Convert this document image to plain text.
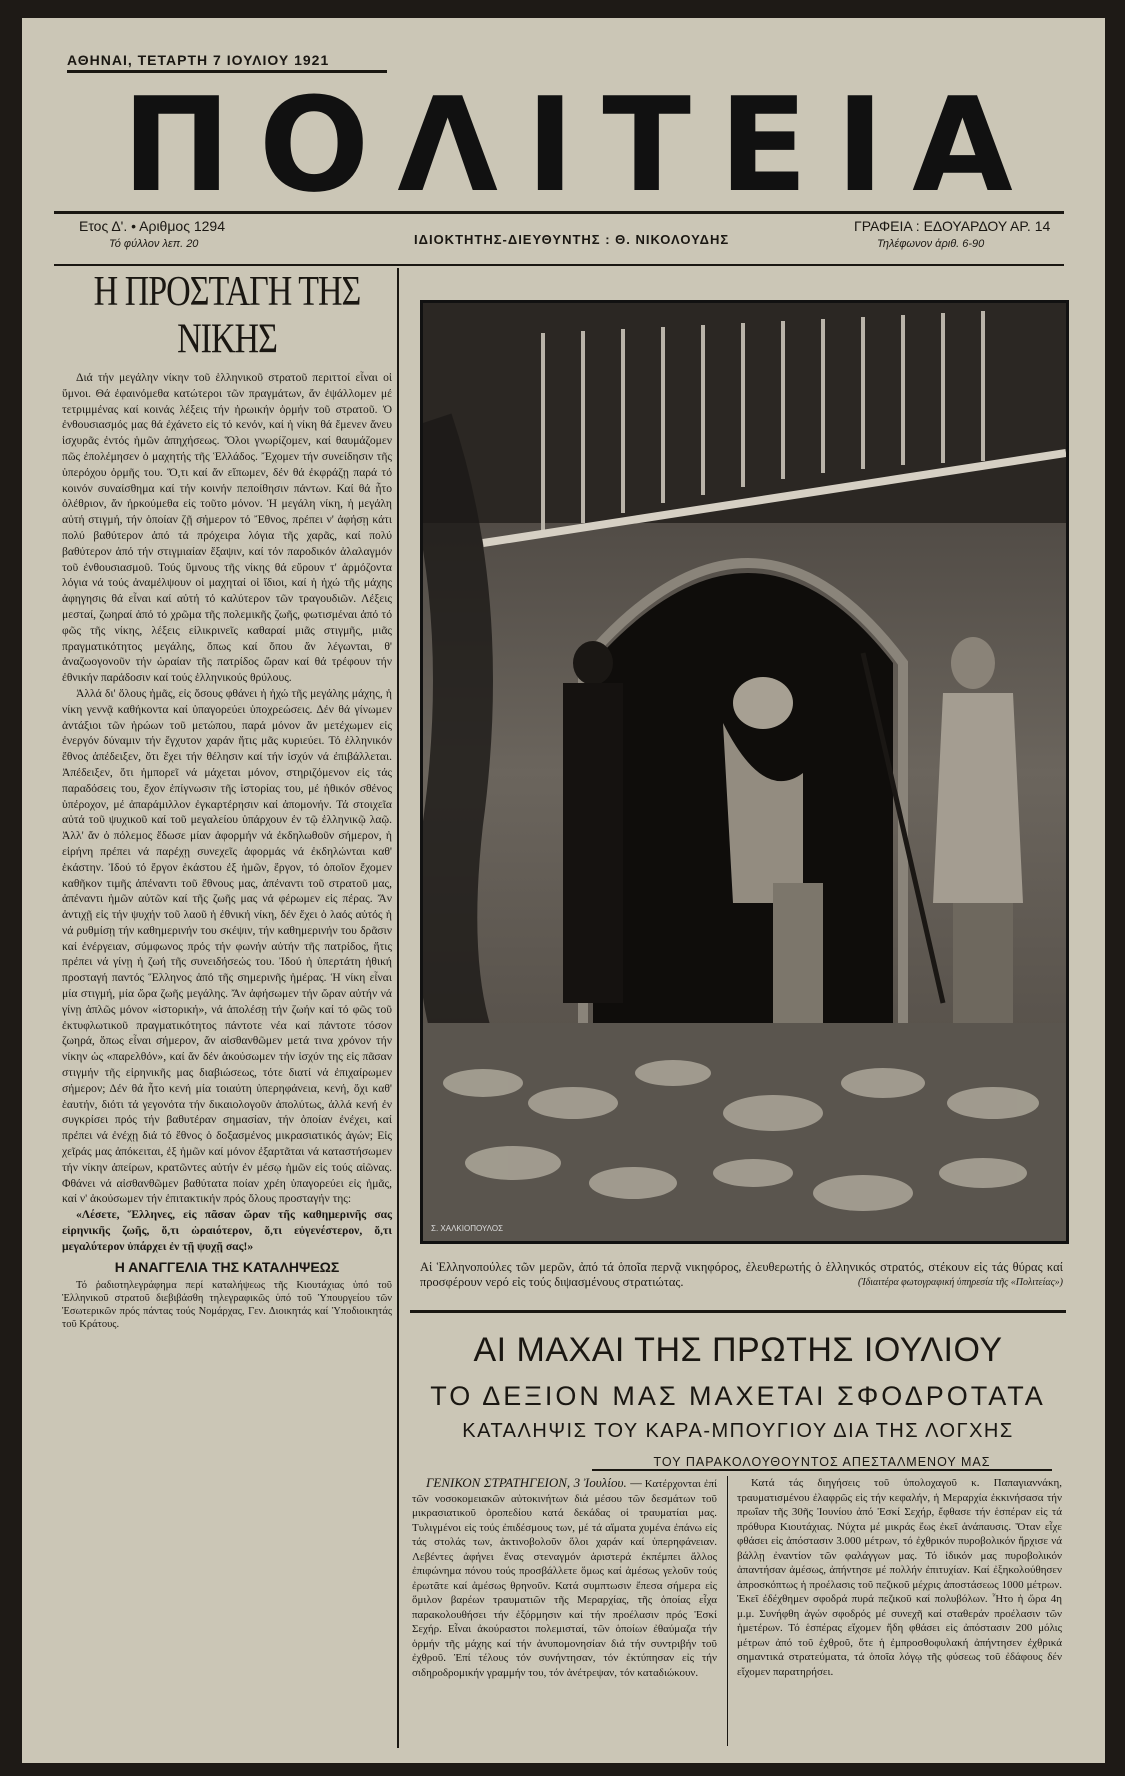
ΑΘΗΝΑΙ, ΤΕΤΑΡΤΗ 7 ΙΟΥΛΙΟΥ 1921
ΠΟΛΙΤΕΙΑ
Ετος Δ'. • Αριθμος 1294
Τό φύλλον λεπ. 20	ΙΔΙΟΚΤΗΤΗΣ-ΔΙΕΥΘΥΝΤΗΣ : Θ. ΝΙΚΟΛΟΥΔΗΣ
ΓΡΑΦΕΙΑ : ΕΔΟΥΑΡΔΟΥ ΑΡ. 14
Τηλέφωνον ἀριθ. 6-90
Η ΠΡΟΣΤΑΓΗ ΤΗΣ ΝΙΚΗΣ

Διά τήν μεγάλην νίκην τοῦ ἑλληνικοῦ στρατοῦ περιττοί εἶναι οἱ ὕμνοι. Θά ἐφαινόμεθα κατώτεροι τῶν πραγμάτων, ἄν ἐψάλλομεν μέ τετριμμένας καί κοινάς λέξεις τήν ἡρωικήν ὁρμήν τοῦ στρατοῦ. Ὁ ἐνθουσιασμός μας θά ἐχάνετο εἰς τό κενόν, καί ἡ νίκη θά ἔμενεν ἄνευ ἰσχυρᾶς ἐντός ἡμῶν ἀπηχήσεως. Ὅλοι γνωρίζομεν, καί θαυμάζομεν πῶς ἐπολέμησεν ὁ μαχητής τῆς Ἑλλάδος. Ἔχομεν τήν συνείδησιν τῆς ὑπερόχου ὁρμῆς του. Ὅ,τι καί ἄν εἴπωμεν, δέν θά ἐκφράζῃ παρά τό κοινόν συναίσθημα καί τήν κοινήν πεποίθησιν πάντων. Καί θά ἦτο ὀλέθριον, ἄν ἠρκούμεθα εἰς τοῦτο μόνον. Ἡ μεγάλη νίκη, ἡ μεγάλη αὐτή στιγμή, τήν ὁποίαν ζῇ σήμερον τό Ἔθνος, πρέπει ν' ἀφήσῃ κάτι πολύ βαθύτερον ἀπό τά πρόχειρα λόγια τῆς χαρᾶς, καί πολύ βαθύτερον ἀπό τήν στιγμιαίαν ἔξαψιν, καί τόν παροδικόν ἀλαλαγμόν τοῦ ἐνθουσιασμοῦ. Τούς ὕμνους τῆς νίκης θά εὕρουν τ' ἁρμόζοντα λόγια νά τούς ἀναμέλψουν οἱ μαχηταί οἱ ἴδιοι, καί ἡ ἠχώ τῆς μάχης ἀφηγησις θά εἶναι καί αὐτή τό καλύτερον τῶν τραγουδιῶν. Λέξεις μεσταί, ζωηραί ἀπό τό χρῶμα τῆς πολεμικῆς ζωῆς, φωτισμέναι ἀπό τό φῶς τῆς νίκης, λέξεις εἰλικρινεῖς καθαραί μιᾶς στιγμῆς, μιᾶς πραγματικότητος μεγάλης, ὅπως καί ὅπου ἄν λέγωνται, θ' ἀναζωογονοῦν τήν ὡραίαν τῆς πατρίδος ὥραν καί θά τρέφουν τήν ἐθνικήν παράδοσιν καί τούς ἑλληνικούς θρύλους.

Ἀλλά δι' ὅλους ἡμᾶς, εἰς ὅσους φθάνει ἡ ἠχώ τῆς μεγάλης μάχης, ἡ νίκη γεννᾷ καθήκοντα καί ὑπαγορεύει ὑποχρεώσεις. Δέν θά γίνωμεν ἀντάξιοι τῶν ἡρώων τοῦ μετώπου, παρά μόνον ἄν μετέχωμεν εἰς ἐνεργόν δύναμιν τήν ἔγχυτον χαράν ἥτις μᾶς κυριεύει. Τό ἑλληνικόν ἔθνος ἀπέδειξεν, ὅτι ἔχει τήν θέλησιν καί τήν ἰσχύν νά ἐπιβάλλεται. Ἀπέδειξεν, ὅτι ἠμπορεῖ νά μάχεται μόνον, στηριζόμενον εἰς τάς παραδόσεις του, ἔχον ἐπίγνωσιν τῆς ἱστορίας του, μέ ἠθικόν σθένος ὑπέροχον, μέ ἀπαράμιλλον ἐγκαρτέρησιν καί ἀπομονήν. Τά στοιχεῖα αὐτά τοῦ ψυχικοῦ καί τοῦ μεγαλείου ὑπάρχουν ἐν τῷ ἑλληνικῷ λαῷ. Ἀλλ' ἄν ὁ πόλεμος ἔδωσε μίαν ἀφορμήν νά ἐκδηλωθοῦν σήμερον, ἡ εἰρήνη πρέπει νά παρέχῃ συνεχεῖς ἀφορμάς νά ἐκδηλώνται καθ' ἑκάστην. Ἰδού τό ἔργον ἑκάστου ἐξ ἡμῶν, ἔργον, τό ὁποῖον ἔχομεν καθῆκον τιμῆς ἀπέναντι τοῦ ἔθνους μας, ἀπέναντι τοῦ στρατοῦ μας, ἀπέναντι ἡμῶν αὐτῶν καί τῆς ζωῆς μας νά φέρωμεν εἰς πέρας. Ἄν ἀντιχῇ εἰς τήν ψυχήν τοῦ λαοῦ ἡ ἐθνική νίκη, δέν ἔχει ὁ λαός αὐτός ἡ νά ρυθμίσῃ τήν καθημερινήν του σκέψιν, τήν καθημερινήν του δρᾶσιν καί ἐνέργειαν, σύμφωνος πρός τήν φωνήν αὐτήν τῆς πατρίδος, ἥτις πρέπει νά γίνῃ ἡ ζωή τῆς συνειδήσεώς του. Ἰδού ἡ ὑπερτάτη ἠθική προσταγή παντός Ἕλληνος ἀπό τῆς σημερινῆς ἡμέρας. Ἡ νίκη εἶναι μία στιγμή, μία ὥρα ζωῆς μεγάλης. Ἄν ἀφήσωμεν τήν ὥραν αὐτήν νά γίνῃ ἁπλῶς μόνον «ἱστορική», νά ἀπολέσῃ τήν ζωήν καί τό φῶς τοῦ ἐκτυφλωτικοῦ πραγματικότητος πάντοτε νέα καί πάντοτε τόσον ζωηρά, ὅπως εἶναι σήμερον, ἄν αἰσθανθῶμεν μετά τινα χρόνον τήν νίκην ὡς «παρελθόν», καί ἄν δέν ἀκούσωμεν τήν ἰσχύν της εἰς πᾶσαν στιγμήν τῆς εἰρηνικῆς μας διαβιώσεως, τότε διατί νά ἐπιχαίρωμεν σήμερον; Δέν θά ἦτο κενή μία τοιαύτη ὑπερηφάνεια, κενή, ὅχι καθ' ἑαυτήν, διότι τά γεγονότα τήν δικαιολογοῦν ἀπολύτως, ἀλλά κενή ἐν συγκρίσει πρός τήν βαθυτέραν σημασίαν, τήν ὁποίαν ἐνέχει, καί πρέπει νά ἐνέχῃ διά τό ἔθνος ὁ δοξασμένος μικρασιατικός ἀγών; Εἰς χεῖράς μας ἀπόκειται, ἐξ ἡμῶν καί μόνον ἐξαρτᾶται νά καταστήσωμεν τήν νίκην ἀπείρων, κρατῶντες αὐτήν ἐν μέσῳ ἡμῶν εἰς τούς αἰῶνας. Φθάνει νά αἰσθανθῶμεν βαθύτατα ποίαν χρέη ὑπαγορεύει εἰς ἡμᾶς, καί ν' ἀκούσωμεν τήν ἐπιτακτικήν πρός ὅλους προσταγήν της:

«Λέσετε, Ἕλληνες, εἰς πᾶσαν ὥραν τῆς καθημερινῆς σας εἰρηνικῆς ζωῆς, ὅ,τι ὡραιότερον, ὅ,τι εὐγενέστερον, ὅ,τι μεγαλύτερον ὑπάρχει ἐν τῇ ψυχῇ σας!»

Η ΑΝΑΓΓΕΛΙΑ ΤΗΣ ΚΑΤΑΛΗΨΕΩΣ

Τό ῥαδιοτηλεγράφημα περί καταλήψεως τῆς Κιουτάχιας ὑπό τοῦ Ἑλληνικοῦ στρατοῦ διεβιβάσθη τηλεγραφικῶς ὑπό τοῦ Ὑπουργείου τῶν Ἐσωτερικῶν πρός πάντας τούς Νομάρχας, Γεν. Διοικητάς καί Ὑποδιοικητάς τοῦ Κράτους.

Σ. ΧΑΛΚΙΟΠΟΥΛΟΣ
Αἱ Ἑλληνοπούλες τῶν μερῶν, ἀπό τά ὁποῖα περνᾷ νικηφόρος, ἐλευθερωτής ὁ ἑλληνικός στρατός, στέκουν εἰς τάς θύρας καί προσφέρουν νερό εἰς τούς διψασμένους στρατιώτας.	(Ἰδιαιτέρα φωτογραφική ὑπηρεσία τῆς «Πολιτείας»)
ΑΙ ΜΑΧΑΙ ΤΗΣ ΠΡΩΤΗΣ ΙΟΥΛΙΟΥ
ΤΟ ΔΕΞΙΟΝ ΜΑΣ ΜΑΧΕΤΑΙ ΣΦΟΔΡΟΤΑΤΑ
ΚΑΤΑΛΗΨΙΣ ΤΟΥ ΚΑΡΑ-ΜΠΟΥΓΙΟΥ ΔΙΑ ΤΗΣ ΛΟΓΧΗΣ
ΤΟΥ ΠΑΡΑΚΟΛΟΥΘΟΥΝΤΟΣ ΑΠΕΣΤΑΛΜΕΝΟΥ ΜΑΣ

ΓΕΝΙΚΟΝ ΣΤΡΑΤΗΓΕΙΟΝ, 3 Ἰουλίου. — Κατέρχονται ἐπί τῶν νοσοκομειακῶν αὐτοκινήτων διά μέσου τῶν δεσμάτων τοῦ μικρασιατικοῦ ὀροπεδίου κατά δεκάδας οἱ τραυματίαι μας. Τυλιγμένοι εἰς τούς ἐπιδέσμους των, μέ τά αἵματα χυμένα ἐπάνω εἰς τάς στολάς των, ἀκτινοβολοῦν ὅλοι χαράν καί ὑπερηφάνειαν. Λεβέντες ἀφήνει ἕνας στεναγμόν ἀριστερά ἐκπέμπει ἄλλος ἐπιφώνημα πόνου τούς προσβάλλετε ὅμως καί ἀμέσως γελοῦν τούς ἐρωτᾶτε καί ἀμέσως θρηνοῦν. Κατά συμπτωσιν ἔπεσα σήμερα εἰς ὅμιλον βαρέων τραυματιῶν τῆς Μεραρχίας, τῆς ὁποίας εἶχα παρακολουθήσει τήν ἐξόρμησιν καί τήν προέλασιν πρός Ἐσκί Σεχήρ. Εἶναι ἀκούραστοι πολεμισταί, τῶν ὁποίων ἐθαύμαζα τήν ὁρμήν τῆς μάχης καί τήν ἀνυπομονησίαν διά τήν συντριβήν τοῦ ἐχθροῦ. Ἐπί τέλους τόν συνήντησαν, τόν ἐκτύπησαν εἰς τήν σιδηροδρομικήν γραμμήν του, τόν ἀνέτρεψαν, τόν καταδιώκουν.

Κατά τάς διηγήσεις τοῦ ὑπολοχαγοῦ κ. Παπαγιαννάκη, τραυματισμένου ἐλαφρῶς εἰς τήν κεφαλήν, ἡ Μεραρχία ἐκκινήσασα τήν πρωΐαν τῆς 30ῆς Ἰουνίου ἀπό Ἐσκί Σεχήρ, ἔφθασε τήν ἑσπέραν εἰς τά πρόθυρα Κιουτάχιας. Νύχτα μέ μικράς ἔως ἐκεῖ ἀνάπαυσις. Ὅταν εἶχε φθάσει εἰς ἀπόστασιν 3.000 μέτρων, τό ἐχθρικόν πυροβολικόν ἤρχισε νά βάλλῃ ἐναντίον τῶν φαλάγγων μας. Τό ἰδικόν μας πυροβολικόν ἀπαντήσαν ἀμέσως, ἀπήντησε μέ πολλήν ἐπιτυχίαν. Καί ἐξηκολούθησεν ἀπροσκόπτως ἡ προέλασις τοῦ πεζικοῦ μέχρις ἀποστάσεως 1000 μέτρων. Ἐκεῖ ἐδέχθημεν σφοδρά πυρά πεζικοῦ καί πολυβόλων. Ἦτο ἡ ὥρα 4η μ.μ. Συνήφθη ἀγών σφοδρός μέ συνεχῆ καί σταθεράν προέλασιν τῶν ἡμετέρων. Τό ἑσπέρας εἴχομεν ἤδη φθάσει εἰς ἀπόστασιν 200 μόλις μέτρων ἀπό τοῦ ἐχθροῦ, ὅτε ἡ ἐμπροσθοφυλακή ἀπήντησεν ἐχθρικά σημαντικά στρατεύματα, τά ὁποῖα λόγῳ τῆς φύσεως τοῦ ἐδάφους δέν εἴχομεν παρατηρήσει.
